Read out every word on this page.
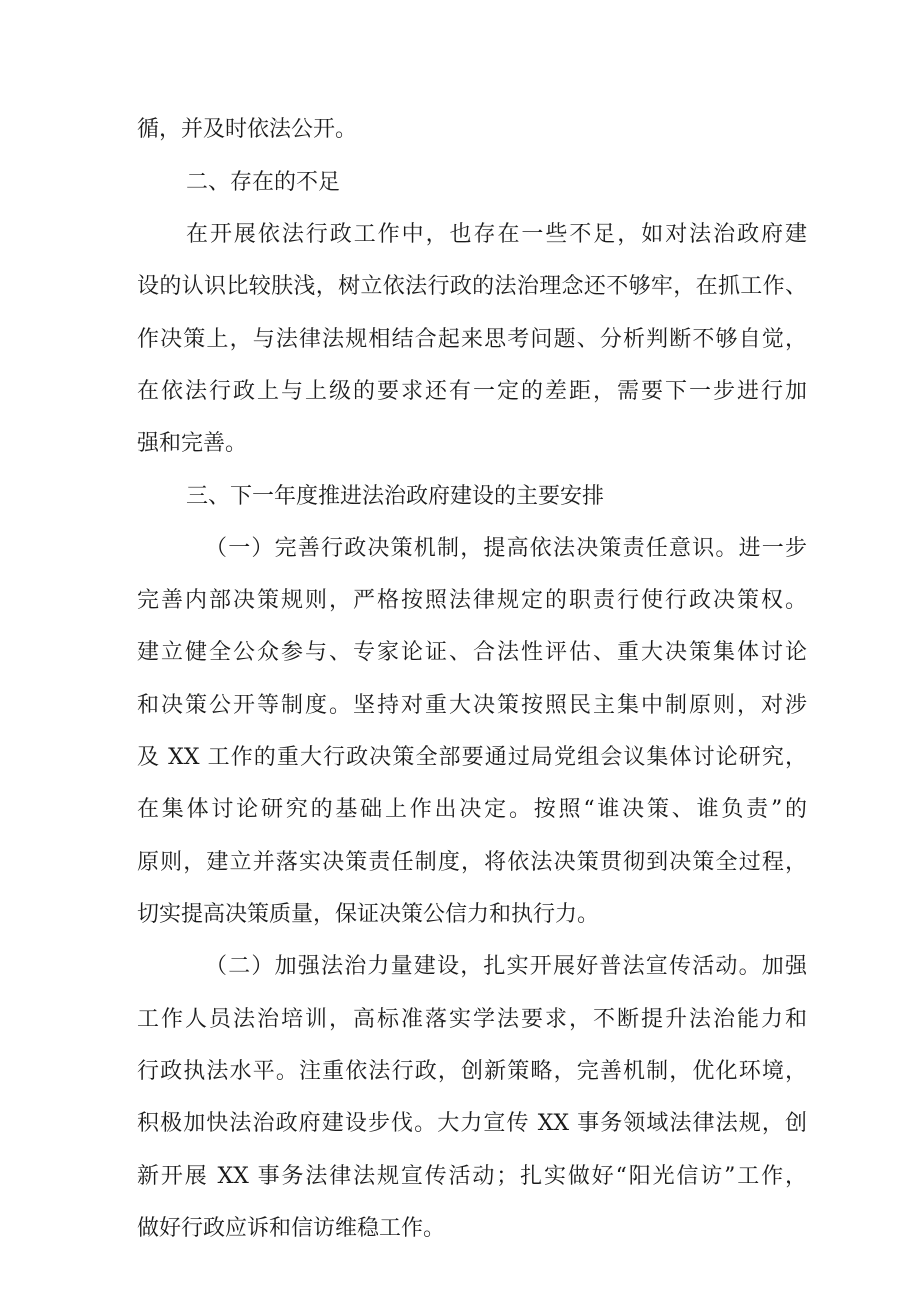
循，并及时依法公开。
二、存在的不足
在开展依法行政工作中，也存在一些不足，如对法治政府建
设的认识比较肤浅，树立依法行政的法治理念还不够牢，在抓工作、
作决策上，与法律法规相结合起来思考问题、分析判断不够自觉，
在依法行政上与上级的要求还有一定的差距，需要下一步进行加
强和完善。
三、下一年度推进法治政府建设的主要安排
（一）完善行政决策机制，提高依法决策责任意识。进一步
完善内部决策规则，严格按照法律规定的职责行使行政决策权。
建立健全公众参与、专家论证、合法性评估、重大决策集体讨论
和决策公开等制度。坚持对重大决策按照民主集中制原则，对涉
及 XX 工作的重大行政决策全部要通过局党组会议集体讨论研究，
在集体讨论研究的基础上作出决定。按照“谁决策、谁负责”的
原则，建立并落实决策责任制度，将依法决策贯彻到决策全过程，
切实提高决策质量，保证决策公信力和执行力。
（二）加强法治力量建设，扎实开展好普法宣传活动。加强
工作人员法治培训，高标准落实学法要求，不断提升法治能力和
行政执法水平。注重依法行政，创新策略，完善机制，优化环境，
积极加快法治政府建设步伐。大力宣传 XX 事务领域法律法规，创
新开展 XX 事务法律法规宣传活动；扎实做好“阳光信访”工作，
做好行政应诉和信访维稳工作。
